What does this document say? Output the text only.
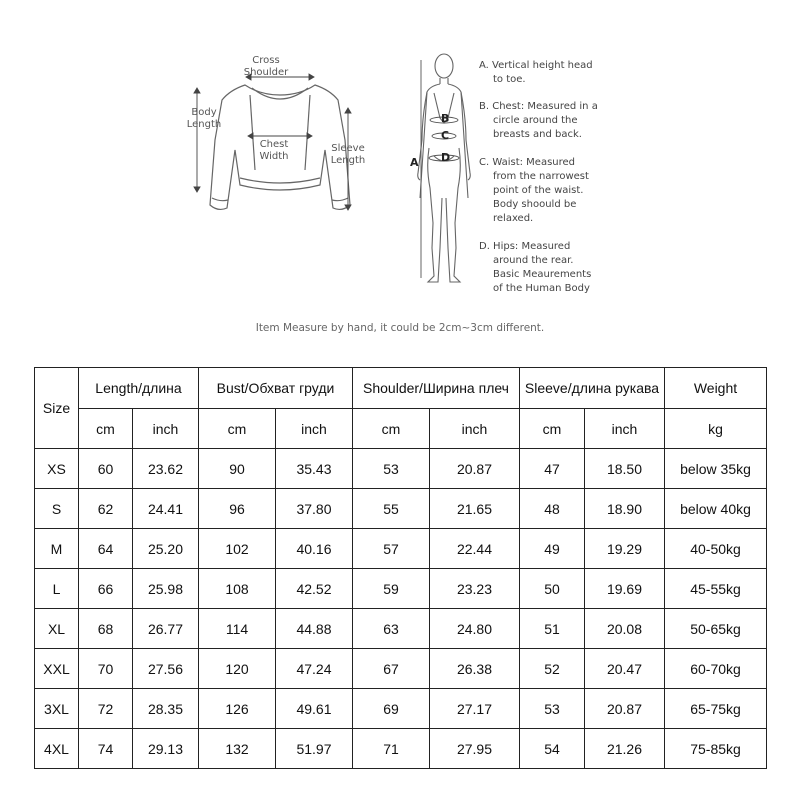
Cross
Shoulder
Body
Length
Chest
Width
Sleeve
Length	A
B
C
D
A. Vertical height head
to toe.
B. Chest: Measured in a
circle around the
breasts and back.
C. Waist: Measured
from the narrowest
point of the waist.
Body shoould be
relaxed.
D. Hips: Measured
around the rear.
Basic Meaurements
of the Human Body
Item Measure by hand, it could be 2cm~3cm different.
Size	Length/длина		Bust/Обхват груди		Shoulder/Ширина плеч		Sleeve/длина рукава		Weight
	cm	inch	cm	inch	cm	inch	cm	inch	kg
XS	60	23.62	90	35.43	53	20.87	47	18.50	below 35kg
S	62	24.41	96	37.80	55	21.65	48	18.90	below 40kg
M	64	25.20	102	40.16	57	22.44	49	19.29	40-50kg
L	66	25.98	108	42.52	59	23.23	50	19.69	45-55kg
XL	68	26.77	114	44.88	63	24.80	51	20.08	50-65kg
XXL	70	27.56	120	47.24	67	26.38	52	20.47	60-70kg
3XL	72	28.35	126	49.61	69	27.17	53	20.87	65-75kg
4XL	74	29.13	132	51.97	71	27.95	54	21.26	75-85kg
